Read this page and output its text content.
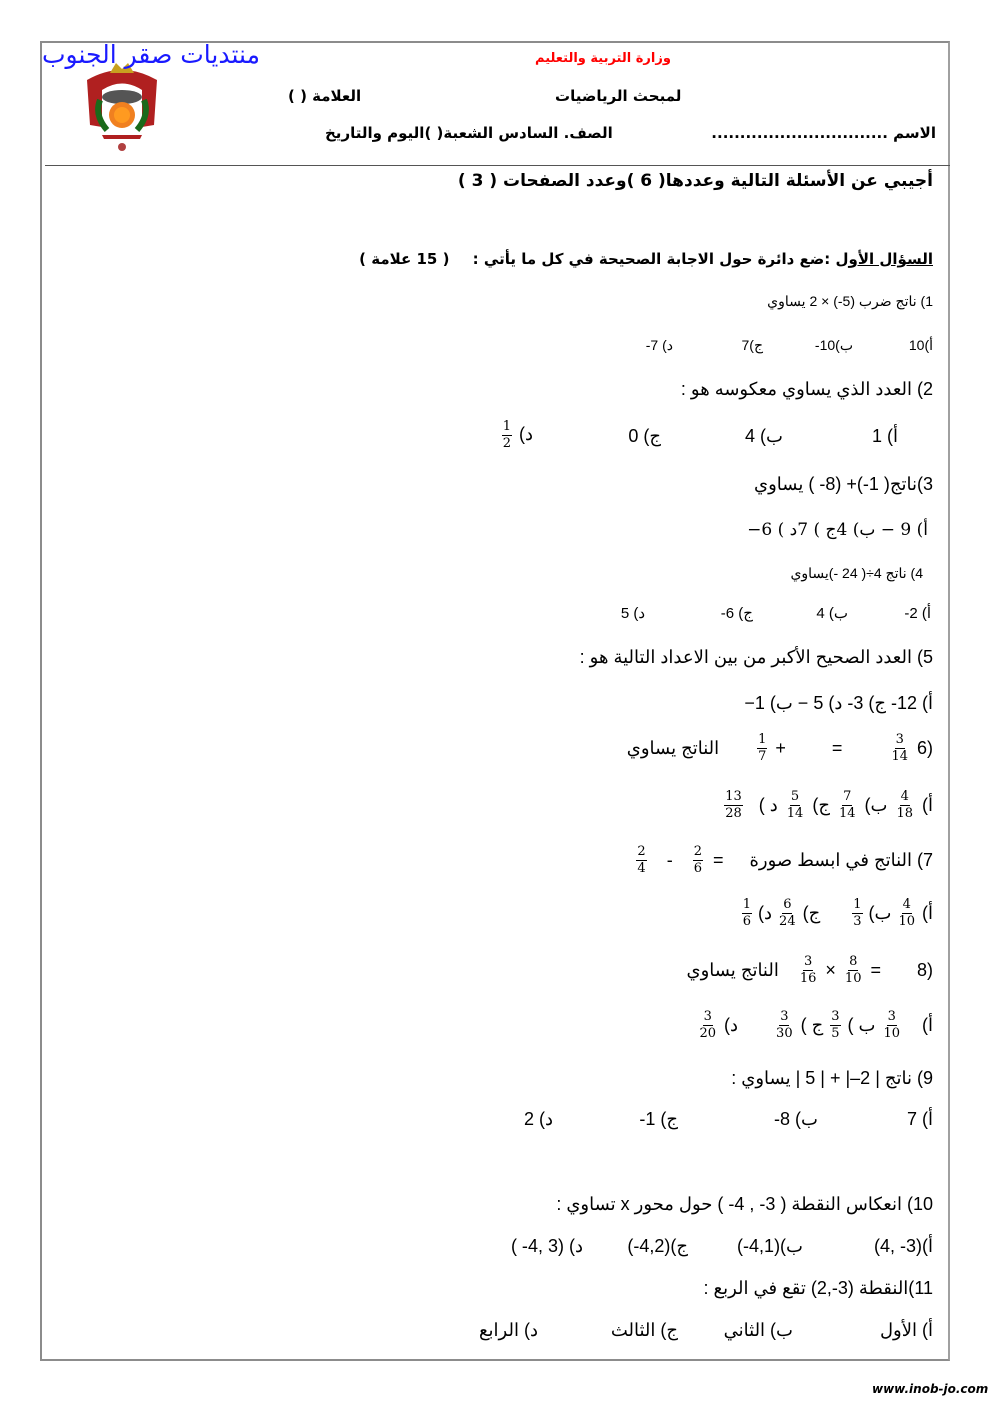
منتديات صقر الجنوب	وزارة التربية والتعليم
لمبحث الرياضيات
العلامة ( )
الاسم ...............................
الصف. السادس الشعبة( )اليوم والتاريخ
أجيبي عن الأسئلة التالية وعددها( 6 )وعدد الصفحات ( 3 )
السؤال الأول :ضع دائرة حول الاجابة الصحيحة في كل ما يأتي : ( 15 علامة )
1) ناتج ضرب (5-) × 2 يساوي
أ)10
ب)10-
ج)7
د) 7-
2) العدد الذي يساوي معكوسه هو :
أ) 1
ب) 4
ج) 0
د)
$\frac{1}{2}$
3)ناتج( 1-)+ (8- ) يساوي
أ) 9 − ب) 4ج ) 7د ) 6−
4) ناتج 4÷( 24 -)يساوي
أ) 2-
ب) 4
ج) 6-
د) 5
5) العدد الصحيح الأكبر من بين الاعداد التالية هو :
أ) 12- ج) 3- د) 5 − ب) 1−
(6
$\frac{3}{14}$
=
+
$\frac{1}{7}$
الناتج يساوي
أ)
$\frac{4}{18}$
ب)
$\frac{7}{14}$
ج)
$\frac{5}{14}$
د )
$\frac{13}{28}$
7) الناتج في ابسط صورة
=
$\frac{2}{6}$
-
$\frac{2}{4}$
أ)
$\frac{4}{10}$
ب)
$\frac{1}{3}$
ج)
$\frac{6}{24}$
د)
$\frac{1}{6}$
(8
=
$\frac{8}{10}$
×
$\frac{3}{16}$
الناتج يساوي
أ)
$\frac{3}{10}$
ب )
$\frac{3}{5}$
ج )
$\frac{3}{30}$
د)
$\frac{3}{20}$
9) ناتج | 2–| + | 5 | يساوي :
أ) 7
ب) 8-
ج) 1-
د) 2
10) انعكاس النقطة ( 3- , 4- ) حول محور x تساوي :
أ)(3- ,4)
ب)(4,1-)
ج)(4,2-)
د) (3 ,4- )
11)النقطة (3-,2) تقع في الربع :
أ) الأول
ب) الثاني
ج) الثالث
د) الرابع
www.inob-jo.com
